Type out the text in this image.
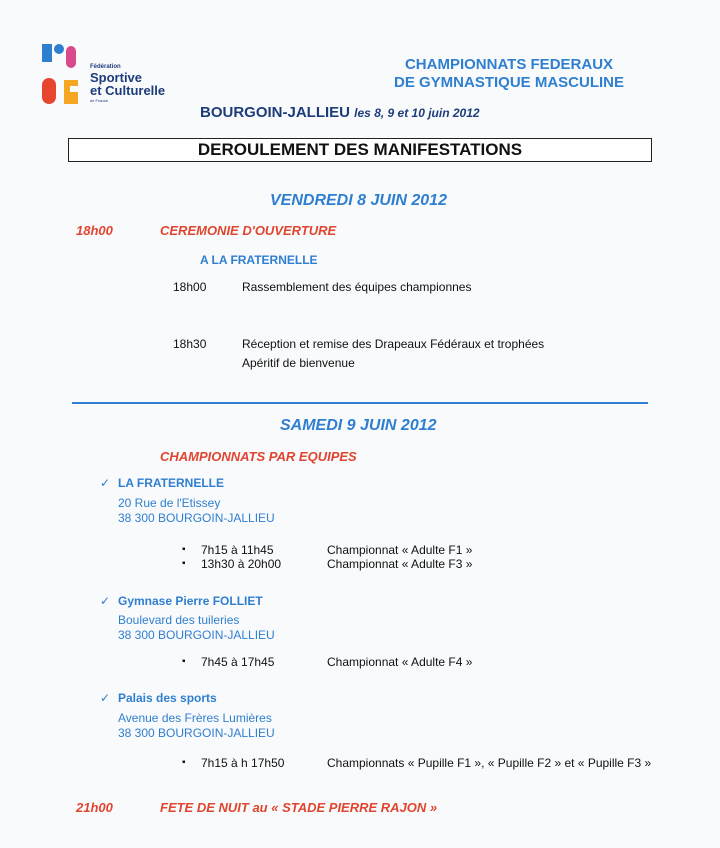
Fédération
Sportive
et Culturelle
de France
CHAMPIONNATS FEDERAUX
DE GYMNASTIQUE MASCULINE
BOURGOIN-JALLIEU les 8, 9 et 10 juin 2012
DEROULEMENT DES MANIFESTATIONS
VENDREDI 8 JUIN 2012
18h00	CEREMONIE D'OUVERTURE
A LA FRATERNELLE
18h00	Rassemblement des équipes championnes
18h30	Réception et remise des Drapeaux Fédéraux et trophées
Apéritif de bienvenue
SAMEDI 9 JUIN 2012
CHAMPIONNATS PAR EQUIPES
✓ LA FRATERNELLE
20 Rue de l'Etissey
38 300 BOURGOIN-JALLIEU
▪ 7h15 à 11h45	Championnat « Adulte F1 »
▪ 13h30 à 20h00	Championnat « Adulte F3 »
✓ Gymnase Pierre FOLLIET
Boulevard des tuileries
38 300 BOURGOIN-JALLIEU
▪ 7h45 à 17h45	Championnat « Adulte F4 »
✓ Palais des sports
Avenue des Frères Lumières
38 300 BOURGOIN-JALLIEU
▪ 7h15 à h 17h50	Championnats « Pupille F1 », « Pupille F2 » et « Pupille F3 »
21h00	FETE DE NUIT au « STADE PIERRE RAJON »
